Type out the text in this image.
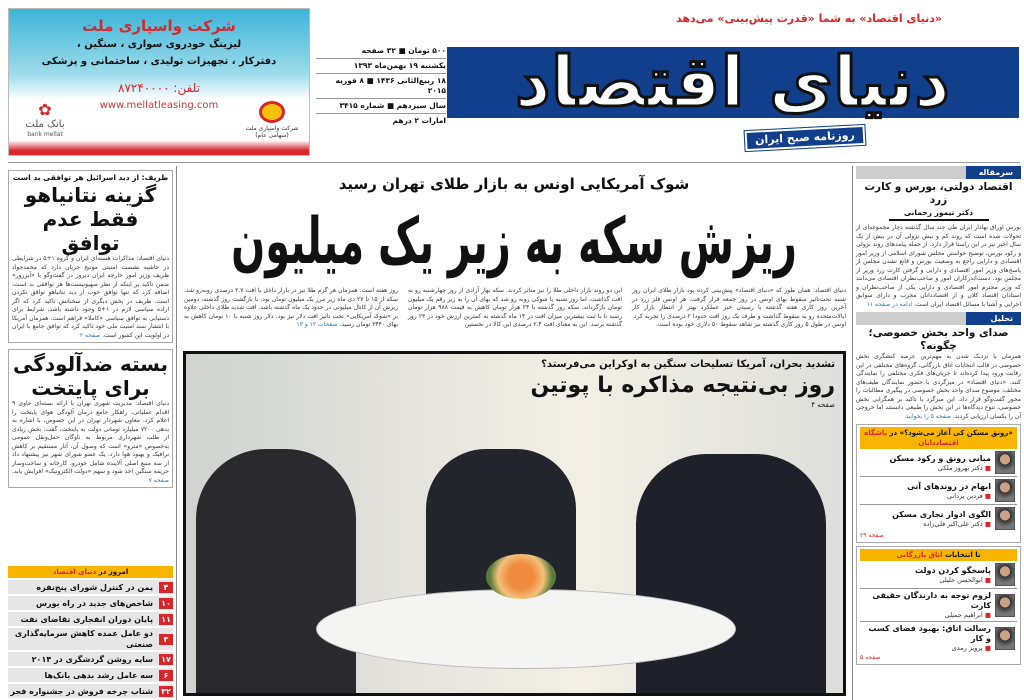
شرکت واسپاری ملت
لیزینگ خودروی سواری ، سنگین ،
دفترکار ، تجهیزات تولیدی ، ساختمانی و پزشکی
تلفن: ۸۷۲۴۰۰۰۰
www.mellatleasing.com
✿
بانک ملت
bank mellat
شرکت واسپاری ملت (سهامی عام)
«دنیای اقتصاد» به شما «قدرت پیش‌بینی» می‌دهد
دنیای اقتصاد
روزنامه صبح ایران
۵۰۰ تومان ■ ۳۲ صفحه
یکشنبه ۱۹ بهمن‌ماه ۱۳۹۳
۱۸ ربیع‌الثانی ۱۴۳۶ ■ ۸ فوریه ۲۰۱۵
سال سیزدهم ■ شماره ۳۴۱۵
امارات ۲ درهم
شوک آمریکایی اونس به بازار طلای تهران رسید
ریزش سکه به زیر یک میلیون
دنیای اقتصاد: همان طور که «دنیای اقتصاد» پیش‌بینی کرده بود بازار طلای ایران روز شنبه تحت‌تاثیر سقوط بهای اونس در روز جمعه قرار گرفت. هر اونس فلز زرد در آخرین روز کاری هفته گذشته با رسیدن خبر عملکرد بهتر از انتظار بازار کار ایالات‌متحده رو به سقوط گذاشت و طرف یک روز افت حدودا ۲ درصدی را تجربه کرد. اونس در طول ۵ روز کاری گذشته نیز شاهد سقوط ۵۰ دلاری خود بوده است.
این دو روند بازار داخلی طلا را نیز متاثر کردند. سکه بهار آزادی از روز چهارشنبه رو به افت گذاشت، اما روز شنبه با شوکی روبه رو شد که بهای آن را به زیر رقم یک میلیون تومان بازگرداند. سکه روز گذشته با ۲۴ هزار تومان کاهش به قیمت ۹۸۸ هزار تومان رسید تا با ثبت بیشترین میزان افت در ۱۴ ماه گذشته به کمترین ارزش خود در ۲۳ روز گذشته برسد. این به معنای افت ۲.۴ درصدی این کالا در نخستین
روز هفته است. همزمان هر گرم طلا نیز در بازار داخل با افت ۲.۷ درصدی روبه‌رو شد. سکه از ۱۵ تا ۲۷ دی ماه زیر مرز یک میلیون تومان بود. با بازگشت روز گذشته، دومین ریزش آن از کانال میلیونی در حدود یک ماه گذشته باشد. افت شدید طلای داخلی علاوه بر «شوک آمریکایی» تحت تاثیر افت دلار نیز بود. دلار روز شنبه با ۱۰ تومان کاهش به بهای ۳۴۴۰ تومان رسید. صفحات ۱۲ و ۱۳
تشدید بحران، آمریکا تسلیحات سنگین به اوکراین می‌فرستد؟
روز بی‌نتیجه مذاکره با پوتین
صفحه ۴
سرمقاله
اقتصاد دولتی، بورس و کارت زرد
دکتر تیمور رحمانی
بورس اوراق بهادار ایران طی چند سال گذشته دچار مجموعه‌ای از تحولات شده است که روند کم و بیش نزولی آن در بیش از یک سال اخیر نیز در این راستا قرار دارد. از جمله پیامدهای روند نزولی و رکود بورس، توضیح خواستن مجلس شورای اسلامی از وزیر امور اقتصادی و دارایی راجع به وضعیت بورس و قانع نشدن مجلس از پاسخ‌های وزیر امور اقتصادی و دارایی و گرفتن کارت زرد وزیر از مجلس بود. دست‌اندرکاران امور و صاحب‌نظران اقتصادی می‌دانند که وزیر محترم امور اقتصادی و دارایی یکی از صاحب‌نظران و استادان اقتصاد کلان و از اقتصاددانان مجرب و دارای سوابق اجرایی و آشنا با مسائل اقتصاد ایران است. ادامه در صفحه ۱۱
تحلیل
صدای واحد بخش خصوصی؛ چگونه؟
همزمان با نزدیک شدن به مهم‌ترین عرصه کنشگری بخش خصوصی در قالب انتخابات اتاق بازرگانی، گروه‌های مختلفی در این رقابت ورود پیدا کرده‌اند تا جریان‌های فکری مختلفی را نمایندگی کنند. «دنیای اقتصاد» در میزگردی با حضور نمایندگان طیف‌های مختلف، موضوع صدای واحد بخش خصوصی در پیگیری مطالبات را محور گفت‌وگو قرار داد. این میزگرد با تاکید بر همگرایی بخش خصوصی، تنوع دیدگاه‌ها در این بخش را طبیعی دانستند اما خروجی آن را یکسان ارزیابی کردند. صفحه ۵ را بخوانید
«رونق مسکن کی آغاز می‌شود؟» در باشگاه اقتصاددانان
مبانی رونق و رکود مسکن
■ دکتر بهروز ملکی
ابهام در روندهای آتی
■ فردین یزدانی
الگوی ادوار تجاری مسکن
■ دکتر علی‌اکبر قلی‌زاده
صفحه ۲۹
تا انتخابات اتاق بازرگانی
پاسخگو کردن دولت
■ ابوالحسن خلیلی
لزوم توجه به دارندگان حقیقی کارت
■ ابراهیم جمیلی
رسالت اتاق: بهبود فضای کسب و کار
■ پرویز رمدی
صفحه ۵
ظریف: از دید اسرائیل هر توافقی بد است
گزینه نتانیاهو فقط عدم توافق
دنیای اقتصاد: مذاکرات هسته‌ای ایران و گروه ۱+۵ در شرایطی در حاشیه نشست امنیتی مونیخ جریان دارد که محمدجواد ظریف وزیر امور خارجه ایران دیروز در گفت‌وگو با «آبزرور» ضمن تاکید بر اینکه از نظر صهیونیست‌ها هر توافقی بد است، اضافه کرد که تنها توافق خوب از دید نتانیاهو توافق نکردن است. ظریف در بخش دیگری از سخنانش تاکید کرد که اگر اراده سیاسی لازم در ۱+۵ وجود داشته باشد، شرایط برای دستیابی به توافق سیاسی «کاملا» فراهم است. همزمان آمریکا با انتشار سند امنیت ملی خود تاکید کرد که توافق جامع با ایران در اولویت این کشور است. صفحه ۲
بسته ضدآلودگی برای پایتخت
دنیای اقتصاد: مدیریت شهری تهران با ارائه بسته‌ای حاوی ۹ اقدام عملیاتی، راهکار جامع درمان آلودگی هوای پایتخت را اعلام کرد. معاون شهردار تهران در این خصوص، با اشاره به بدهی ۷۲۰۰ میلیارد تومانی دولت به پایتخت، گفت: بخش زیادی از طلب شهرداری مربوط به ناوگان حمل‌ونقل عمومی به‌خصوص «مترو» است که وصول آن، آثار مستقیم بر کاهش ترافیک و بهبود هوا دارد. یک عضو شورای شهر نیز پیشنهاد داد از سه منبع اصلی آلاینده شامل خودرو، کارخانه و ساخت‌وساز جریمه سنگین اخذ شود و سهم «دولت الکترونیک» افزایش یابد. صفحه ۷
امروز در دنیای اقتصاد
۴
یمن در کنترل شورای پنج‌نفره
۱۰
شاخص‌های جدید در راه بورس
۱۱
پایان دوران انفجاری تقاضای نفت
۳
دو عامل عمده کاهش سرمایه‌گذاری صنعتی
۱۷
سایه روشن گردشگری در ۲۰۱۴
۶
سه عامل رشد بدهی بانک‌ها
۳۲
شتاب چرخه فروش در جشنواره فجر
